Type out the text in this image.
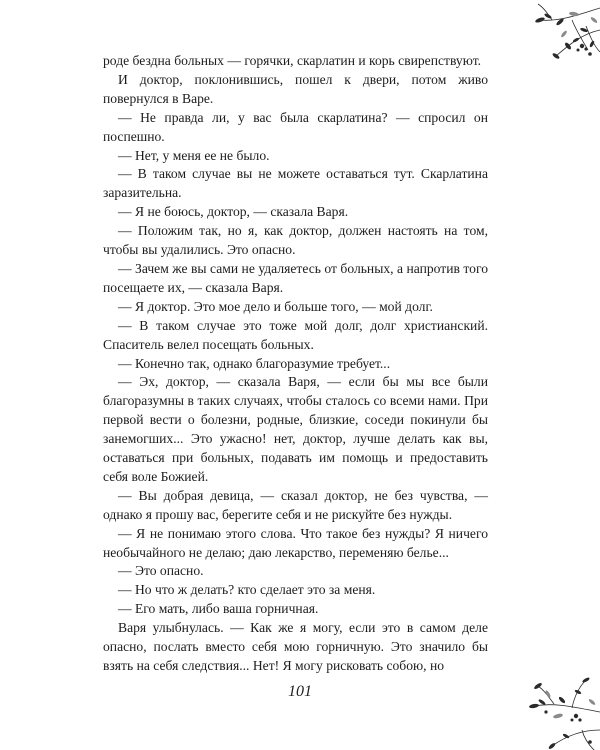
роде бездна больных — горячки, скарлатин и корь свирепствуют.

И доктор, поклонившись, пошел к двери, потом живо повернулся в Варе.

— Не правда ли, у вас была скарлатина? — спросил он поспешно.

— Нет, у меня ее не было.

— В таком случае вы не можете оставаться тут. Скарлатина заразительна.

— Я не боюсь, доктор, — сказала Варя.

— Положим так, но я, как доктор, должен настоять на том, чтобы вы удалились. Это опасно.

— Зачем же вы сами не удаляетесь от больных, а напротив того посещаете их, — сказала Варя.

— Я доктор. Это мое дело и больше того, — мой долг.

— В таком случае это тоже мой долг, долг христианский. Спаситель велел посещать больных.

— Конечно так, однако благоразумие требует...

— Эх, доктор, — сказала Варя, — если бы мы все были благоразумны в таких случаях, чтобы сталось со всеми нами. При первой вести о болезни, родные, близкие, соседи покинули бы занемогших... Это ужасно! нет, доктор, лучше делать как вы, оставаться при больных, подавать им помощь и предоставить себя воле Божией.

— Вы добрая девица, — сказал доктор, не без чувства, — однако я прошу вас, берегите себя и не рискуйте без нужды.

— Я не понимаю этого слова. Что такое без нужды? Я ничего необычайного не делаю; даю лекарство, переменяю белье...

— Это опасно.

— Но что ж делать? кто сделает это за меня.

— Его мать, либо ваша горничная.

Варя улыбнулась. — Как же я могу, если это в самом деле опасно, послать вместо себя мою горничную. Это значило бы взять на себя следствия... Нет! Я могу рисковать собою, но

101
